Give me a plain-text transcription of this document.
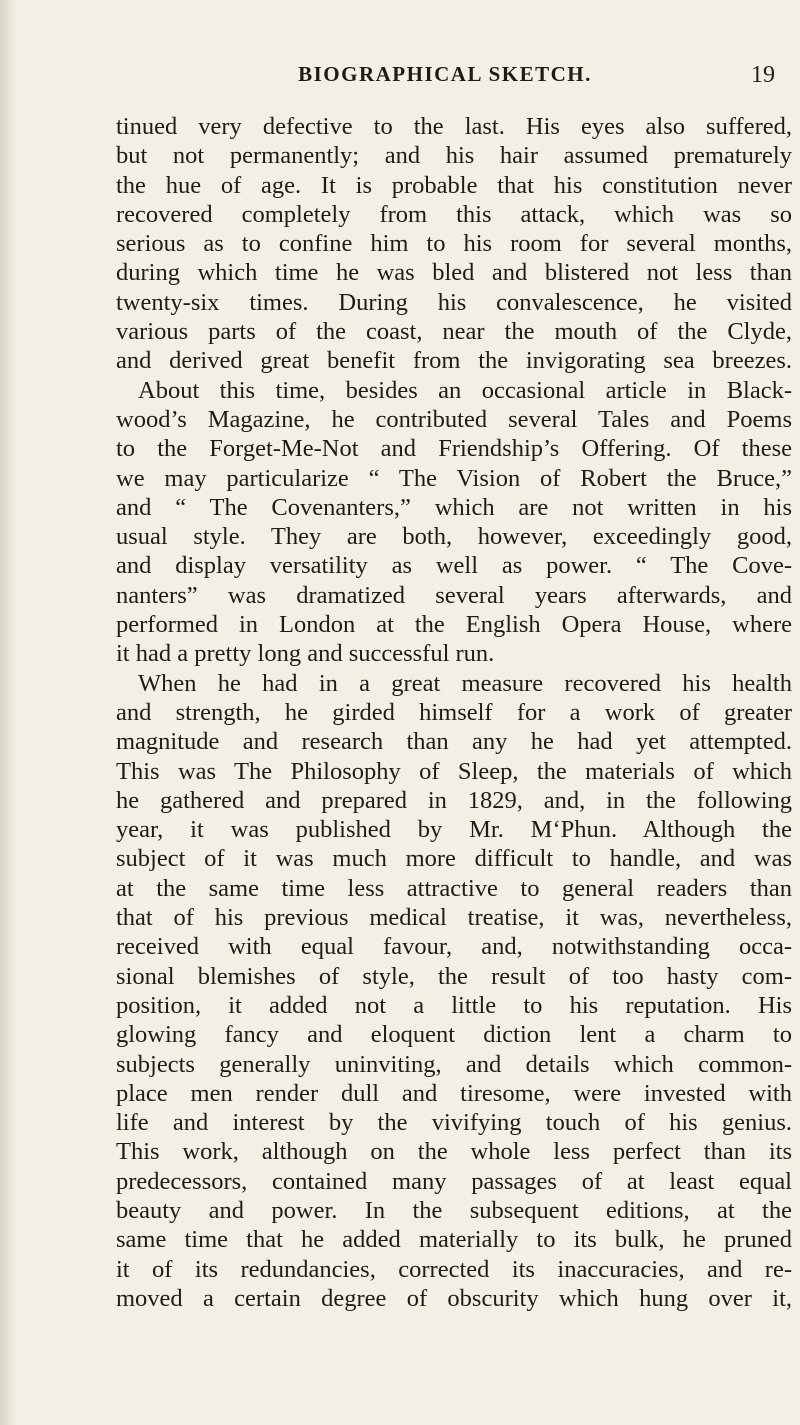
BIOGRAPHICAL SKETCH.	19
tinued very defective to the last. His eyes also suffered,
but not permanently; and his hair assumed prematurely
the hue of age. It is probable that his constitution never
recovered completely from this attack, which was so
serious as to confine him to his room for several months,
during which time he was bled and blistered not less than
twenty-six times. During his convalescence, he visited
various parts of the coast, near the mouth of the Clyde,
and derived great benefit from the invigorating sea breezes.
About this time, besides an occasional article in Black-
wood’s Magazine, he contributed several Tales and Poems
to the Forget-Me-Not and Friendship’s Offering. Of these
we may particularize “ The Vision of Robert the Bruce,”
and “ The Covenanters,” which are not written in his
usual style. They are both, however, exceedingly good,
and display versatility as well as power. “ The Cove-
nanters” was dramatized several years afterwards, and
performed in London at the English Opera House, where
it had a pretty long and successful run.
When he had in a great measure recovered his health
and strength, he girded himself for a work of greater
magnitude and research than any he had yet attempted.
This was The Philosophy of Sleep, the materials of which
he gathered and prepared in 1829, and, in the following
year, it was published by Mr. M‘Phun. Although the
subject of it was much more difficult to handle, and was
at the same time less attractive to general readers than
that of his previous medical treatise, it was, nevertheless,
received with equal favour, and, notwithstanding occa-
sional blemishes of style, the result of too hasty com-
position, it added not a little to his reputation. His
glowing fancy and eloquent diction lent a charm to
subjects generally uninviting, and details which common-
place men render dull and tiresome, were invested with
life and interest by the vivifying touch of his genius.
This work, although on the whole less perfect than its
predecessors, contained many passages of at least equal
beauty and power. In the subsequent editions, at the
same time that he added materially to its bulk, he pruned
it of its redundancies, corrected its inaccuracies, and re-
moved a certain degree of obscurity which hung over it,
